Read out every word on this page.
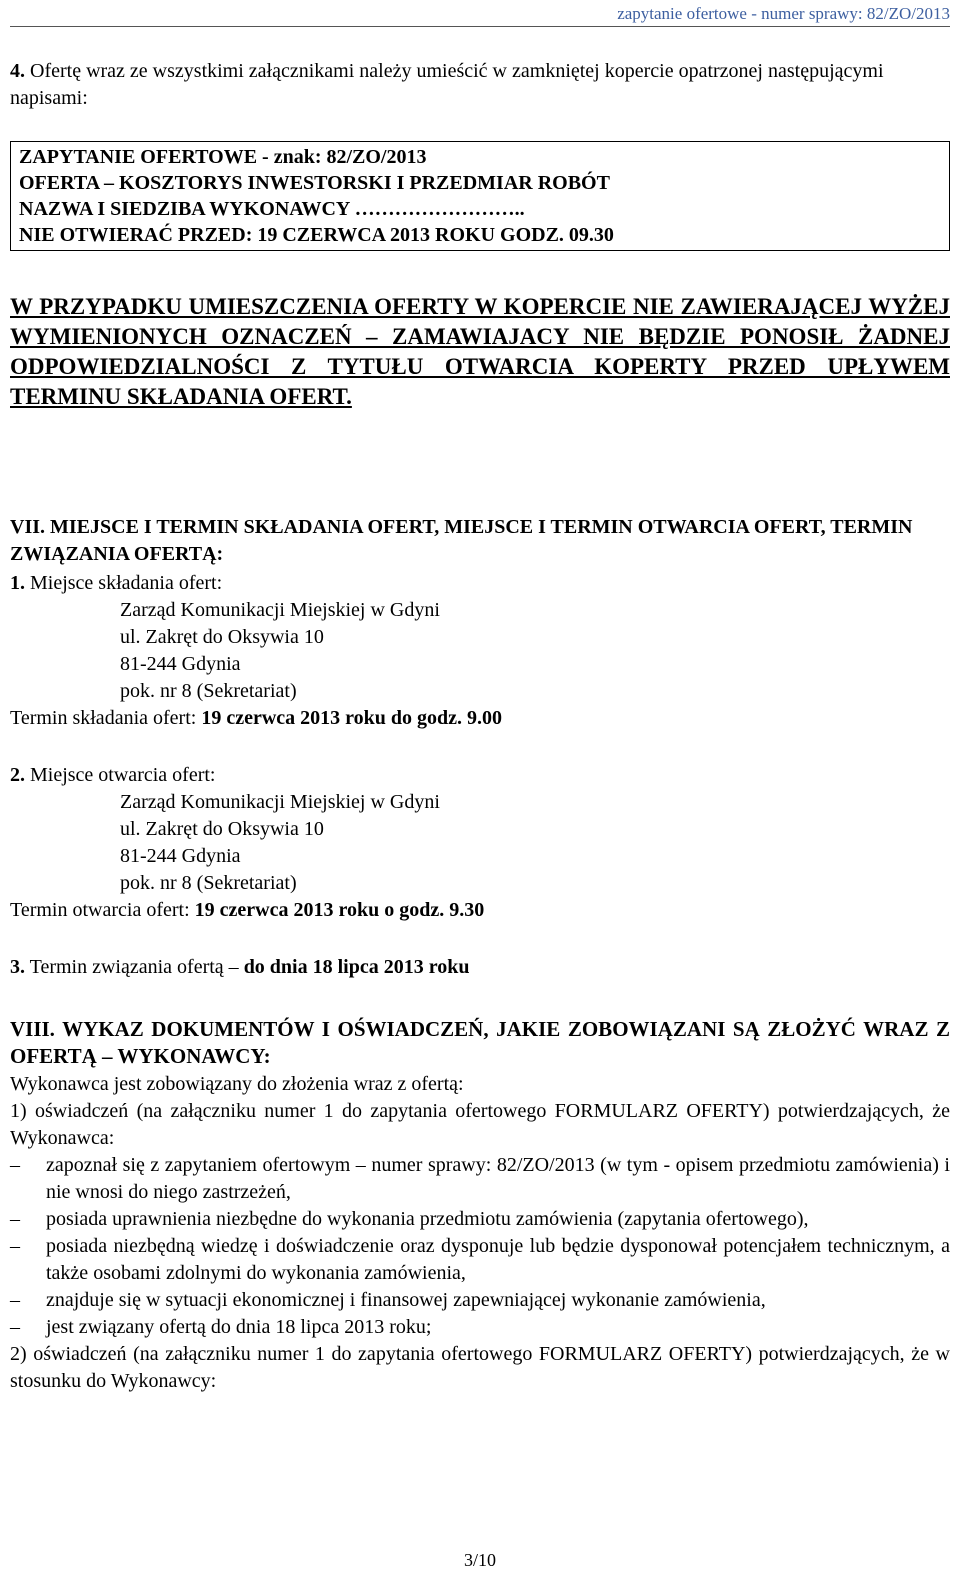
zapytanie ofertowe - numer sprawy: 82/ZO/2013
4. Ofertę wraz ze wszystkimi załącznikami należy umieścić w zamkniętej kopercie opatrzonej następującymi napisami:
ZAPYTANIE OFERTOWE - znak: 82/ZO/2013
OFERTA – KOSZTORYS INWESTORSKI I PRZEDMIAR ROBÓT
NAZWA I SIEDZIBA WYKONAWCY ……………………..
NIE OTWIERAĆ PRZED: 19 CZERWCA 2013 ROKU GODZ. 09.30
W PRZYPADKU UMIESZCZENIA OFERTY W KOPERCIE NIE ZAWIERAJĄCEJ WYŻEJ WYMIENIONYCH OZNACZEŃ – ZAMAWIAJACY NIE BĘDZIE PONOSIŁ ŻADNEJ ODPOWIEDZIALNOŚCI Z TYTUŁU OTWARCIA KOPERTY PRZED UPŁYWEM TERMINU SKŁADANIA OFERT.
VII. MIEJSCE I TERMIN SKŁADANIA OFERT, MIEJSCE I TERMIN OTWARCIA OFERT, TERMIN ZWIĄZANIA OFERTĄ:
1. Miejsce składania ofert:
Zarząd Komunikacji Miejskiej w Gdyni
ul. Zakręt do Oksywia 10
81-244 Gdynia
pok. nr 8 (Sekretariat)
Termin składania ofert: 19 czerwca 2013 roku do godz. 9.00
2. Miejsce otwarcia ofert:
Zarząd Komunikacji Miejskiej w Gdyni
ul. Zakręt do Oksywia 10
81-244 Gdynia
pok. nr 8 (Sekretariat)
Termin otwarcia ofert: 19 czerwca 2013 roku o godz. 9.30
3. Termin związania ofertą – do dnia 18 lipca 2013 roku
VIII. WYKAZ DOKUMENTÓW I OŚWIADCZEŃ, JAKIE ZOBOWIĄZANI SĄ ZŁOŻYĆ WRAZ Z OFERTĄ – WYKONAWCY:
Wykonawca jest zobowiązany do złożenia wraz z ofertą:
1) oświadczeń (na załączniku numer 1 do zapytania ofertowego FORMULARZ OFERTY) potwierdzających, że Wykonawca:
– zapoznał się z zapytaniem ofertowym – numer sprawy: 82/ZO/2013 (w tym - opisem przedmiotu zamówienia) i nie wnosi do niego zastrzeżeń,
– posiada uprawnienia niezbędne do wykonania przedmiotu zamówienia (zapytania ofertowego),
– posiada niezbędną wiedzę i doświadczenie oraz dysponuje lub będzie dysponował potencjałem technicznym, a także osobami zdolnymi do wykonania zamówienia,
– znajduje się w sytuacji ekonomicznej i finansowej zapewniającej wykonanie zamówienia,
– jest związany ofertą do dnia 18 lipca 2013 roku;
2) oświadczeń (na załączniku numer 1 do zapytania ofertowego FORMULARZ OFERTY) potwierdzających, że w stosunku do Wykonawcy:
3/10
